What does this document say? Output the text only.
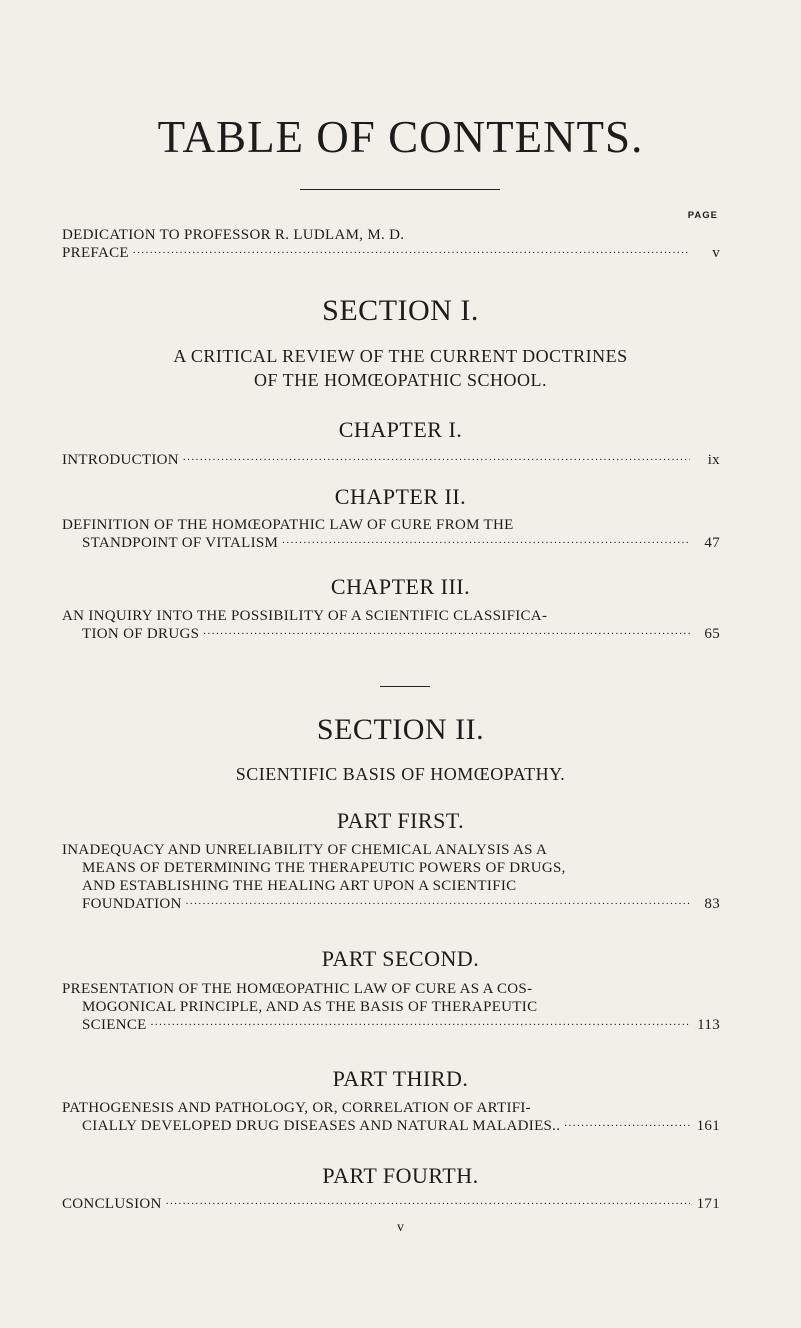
TABLE OF CONTENTS.
PAGE
DEDICATION TO PROFESSOR R. LUDLAM, M. D.
PREFACE .....	v
SECTION I.
A CRITICAL REVIEW OF THE CURRENT DOCTRINES
OF THE HOMŒOPATHIC SCHOOL.
CHAPTER I.
INTRODUCTION .....	ix
CHAPTER II.
DEFINITION OF THE HOMŒOPATHIC LAW OF CURE FROM THE
STANDPOINT OF VITALISM .....	47
CHAPTER III.
AN INQUIRY INTO THE POSSIBILITY OF A SCIENTIFIC CLASSIFICA-
TION OF DRUGS .....	65
SECTION II.
SCIENTIFIC BASIS OF HOMŒOPATHY.
PART FIRST.
INADEQUACY AND UNRELIABILITY OF CHEMICAL ANALYSIS AS A
MEANS OF DETERMINING THE THERAPEUTIC POWERS OF DRUGS,
AND ESTABLISHING THE HEALING ART UPON A SCIENTIFIC
FOUNDATION .....	83
PART SECOND.
PRESENTATION OF THE HOMŒOPATHIC LAW OF CURE AS A COS-
MOGONICAL PRINCIPLE, AND AS THE BASIS OF THERAPEUTIC
SCIENCE .....	113
PART THIRD.
PATHOGENESIS AND PATHOLOGY, OR, CORRELATION OF ARTIFI-
CIALLY DEVELOPED DRUG DISEASES AND NATURAL MALADIES.. .....	161
PART FOURTH.
CONCLUSION .....	171
v
